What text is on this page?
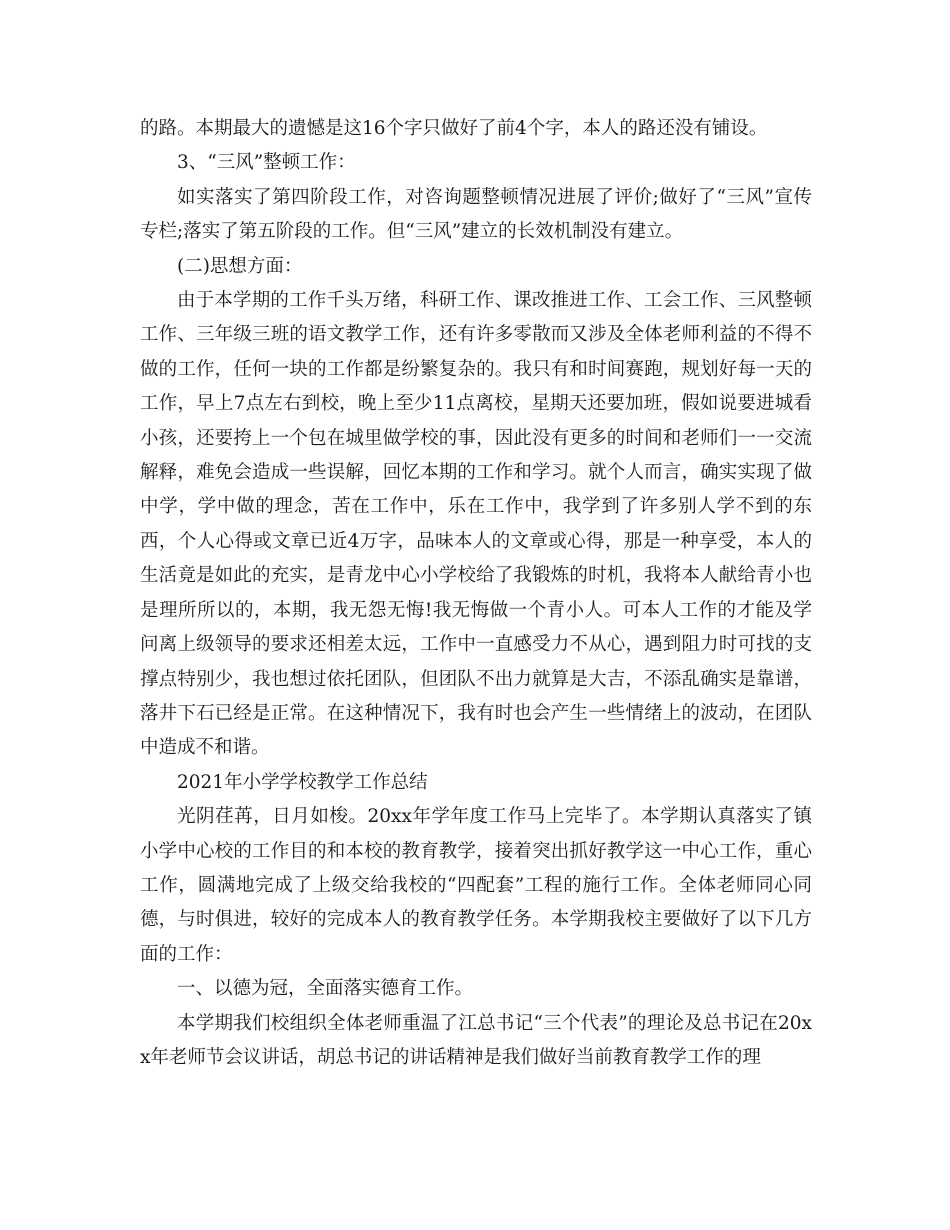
的路。本期最大的遗憾是这16个字只做好了前4个字，本人的路还没有铺设。

3、“三风”整顿工作：

如实落实了第四阶段工作，对咨询题整顿情况进展了评价;做好了“三风”宣传专栏;落实了第五阶段的工作。但“三风”建立的长效机制没有建立。

(二)思想方面：

由于本学期的工作千头万绪，科研工作、课改推进工作、工会工作、三风整顿工作、三年级三班的语文教学工作，还有许多零散而又涉及全体老师利益的不得不做的工作，任何一块的工作都是纷繁复杂的。我只有和时间赛跑，规划好每一天的工作，早上7点左右到校，晚上至少11点离校，星期天还要加班，假如说要进城看小孩，还要挎上一个包在城里做学校的事，因此没有更多的时间和老师们一一交流解释，难免会造成一些误解，回忆本期的工作和学习。就个人而言，确实实现了做中学，学中做的理念，苦在工作中，乐在工作中，我学到了许多别人学不到的东西，个人心得或文章已近4万字，品味本人的文章或心得，那是一种享受，本人的生活竟是如此的充实，是青龙中心小学校给了我锻炼的时机，我将本人献给青小也是理所所以的，本期，我无怨无悔!我无悔做一个青小人。可本人工作的才能及学问离上级领导的要求还相差太远，工作中一直感受力不从心，遇到阻力时可找的支撑点特别少，我也想过依托团队，但团队不出力就算是大吉，不添乱确实是靠谱，落井下石已经是正常。在这种情况下，我有时也会产生一些情绪上的波动，在团队中造成不和谐。

2021年小学学校教学工作总结

光阴荏苒，日月如梭。20xx年学年度工作马上完毕了。本学期认真落实了镇小学中心校的工作目的和本校的教育教学，接着突出抓好教学这一中心工作，重心工作，圆满地完成了上级交给我校的“四配套”工程的施行工作。全体老师同心同德，与时俱进，较好的完成本人的教育教学任务。本学期我校主要做好了以下几方面的工作：

一、以德为冠，全面落实德育工作。

本学期我们校组织全体老师重温了江总书记“三个代表”的理论及总书记在20xx年老师节会议讲话，胡总书记的讲话精神是我们做好当前教育教学工作的理
